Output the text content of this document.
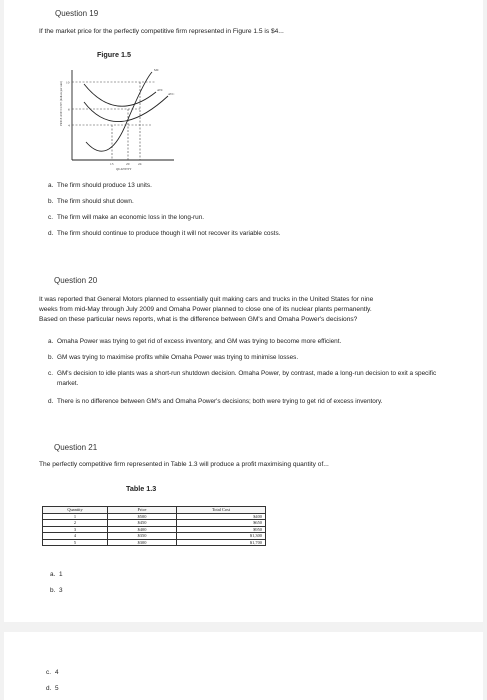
Question 19
If the market price for the perfectly competitive firm represented in Figure 1.5 is $4...
Figure 1.5
PRICE AND COST (dollars per unit)
MC
ATC
AVC
10
6
4
13	20	24
QUANTITY
a. The firm should produce 13 units.
b. The firm should shut down.
c. The firm will make an economic loss in the long-run.
d. The firm should continue to produce though it will not recover its variable costs.
Question 20
It was reported that General Motors planned to essentially quit making cars and trucks in the United States for nine
weeks from mid-May through July 2009 and Omaha Power planned to close one of its nuclear plants permanently.
Based on these particular news reports, what is the difference between GM's and Omaha Power's decisions?
a. Omaha Power was trying to get rid of excess inventory, and GM was trying to become more efficient.
b. GM was trying to maximise profits while Omaha Power was trying to minimise losses.
c. GM's decision to idle plants was a short-run shutdown decision. Omaha Power, by contrast, made a long-run decision to exit a specific market.
d. There is no difference between GM's and Omaha Power's decisions; both were trying to get rid of excess inventory.
Question 21
The perfectly competitive firm represented in Table 1.3 will produce a profit maximising quantity of...
Table 1.3
Quantity	Price	Total Cost
1	$500	$400
2	$450	$650
3	$400	$950
4	$350	$1,300
5	$300	$1,700
a. 1
b. 3
c. 4
d. 5
